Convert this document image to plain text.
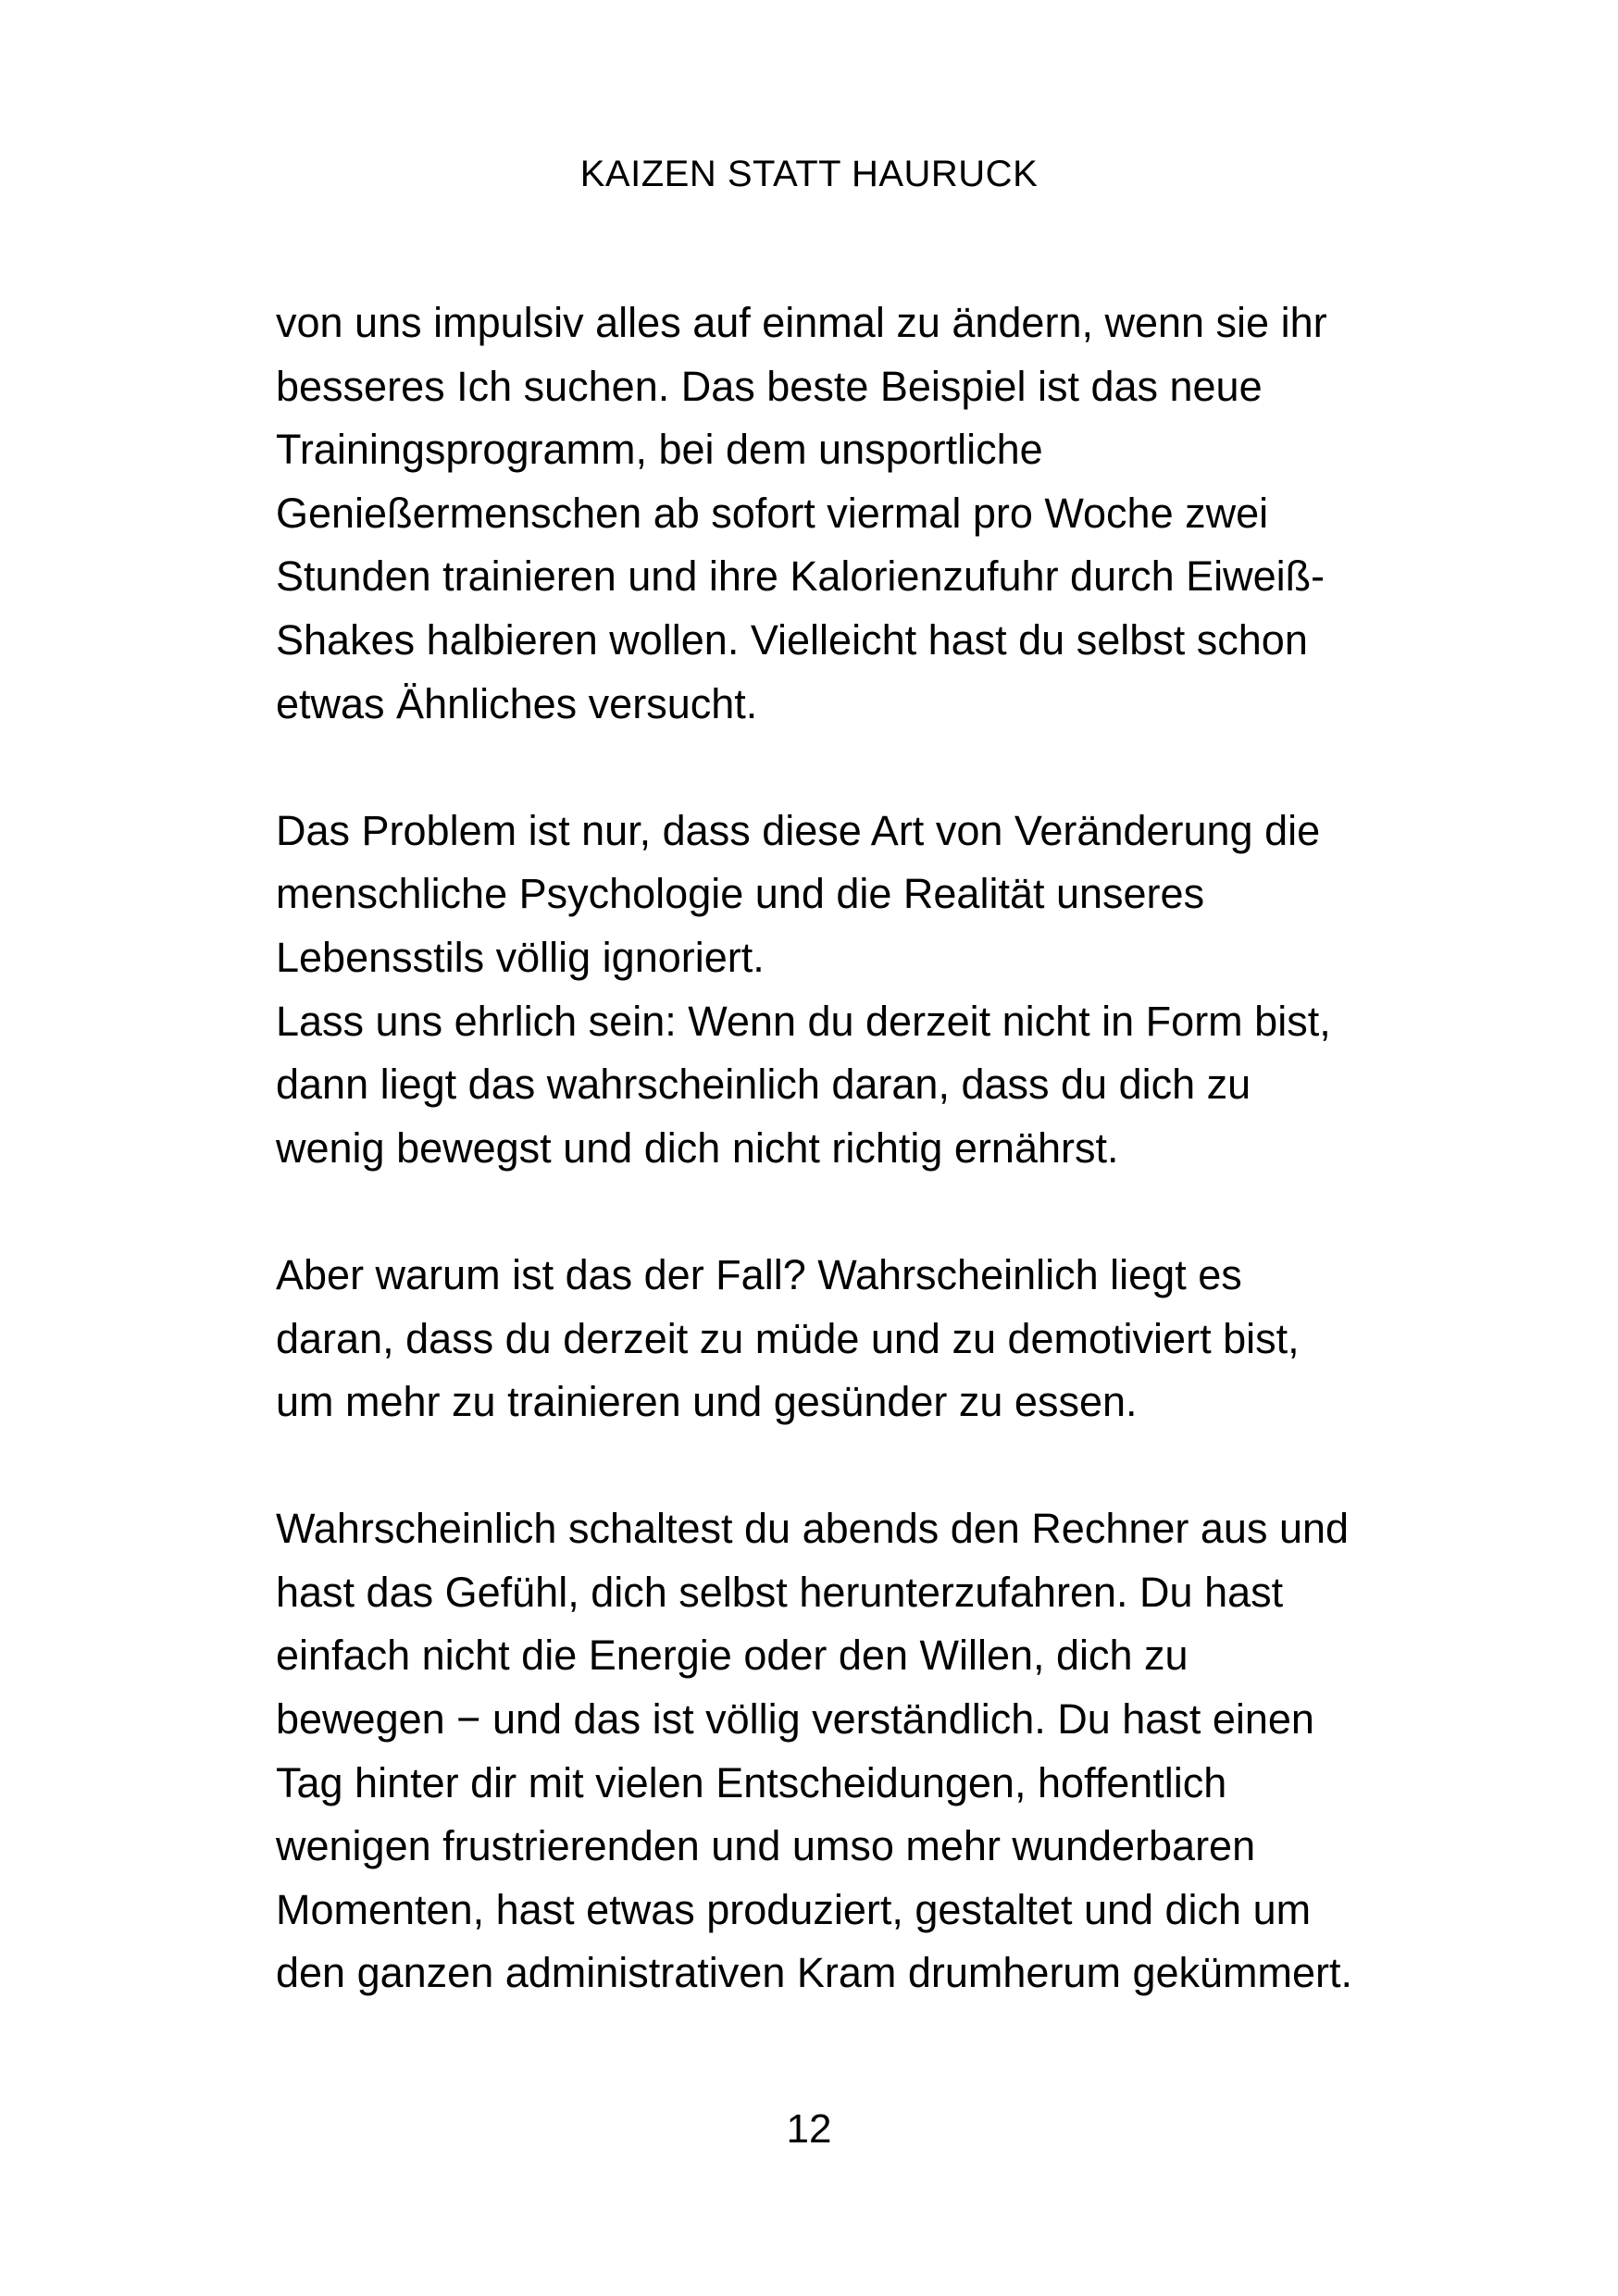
KAIZEN STATT HAURUCK
von uns impulsiv alles auf einmal zu ändern, wenn sie ihr
besseres Ich suchen. Das beste Beispiel ist das neue
Trainingsprogramm, bei dem unsportliche
Genießermenschen ab sofort viermal pro Woche zwei
Stunden trainieren und ihre Kalorienzufuhr durch Eiweiß-
Shakes halbieren wollen. Vielleicht hast du selbst schon
etwas Ähnliches versucht.
Das Problem ist nur, dass diese Art von Veränderung die
menschliche Psychologie und die Realität unseres
Lebensstils völlig ignoriert.
Lass uns ehrlich sein: Wenn du derzeit nicht in Form bist,
dann liegt das wahrscheinlich daran, dass du dich zu
wenig bewegst und dich nicht richtig ernährst.
Aber warum ist das der Fall? Wahrscheinlich liegt es
daran, dass du derzeit zu müde und zu demotiviert bist,
um mehr zu trainieren und gesünder zu essen.
Wahrscheinlich schaltest du abends den Rechner aus und
hast das Gefühl, dich selbst herunterzufahren. Du hast
einfach nicht die Energie oder den Willen, dich zu
bewegen − und das ist völlig verständlich. Du hast einen
Tag hinter dir mit vielen Entscheidungen, hoffentlich
wenigen frustrierenden und umso mehr wunderbaren
Momenten, hast etwas produziert, gestaltet und dich um
den ganzen administrativen Kram drumherum gekümmert.
12
